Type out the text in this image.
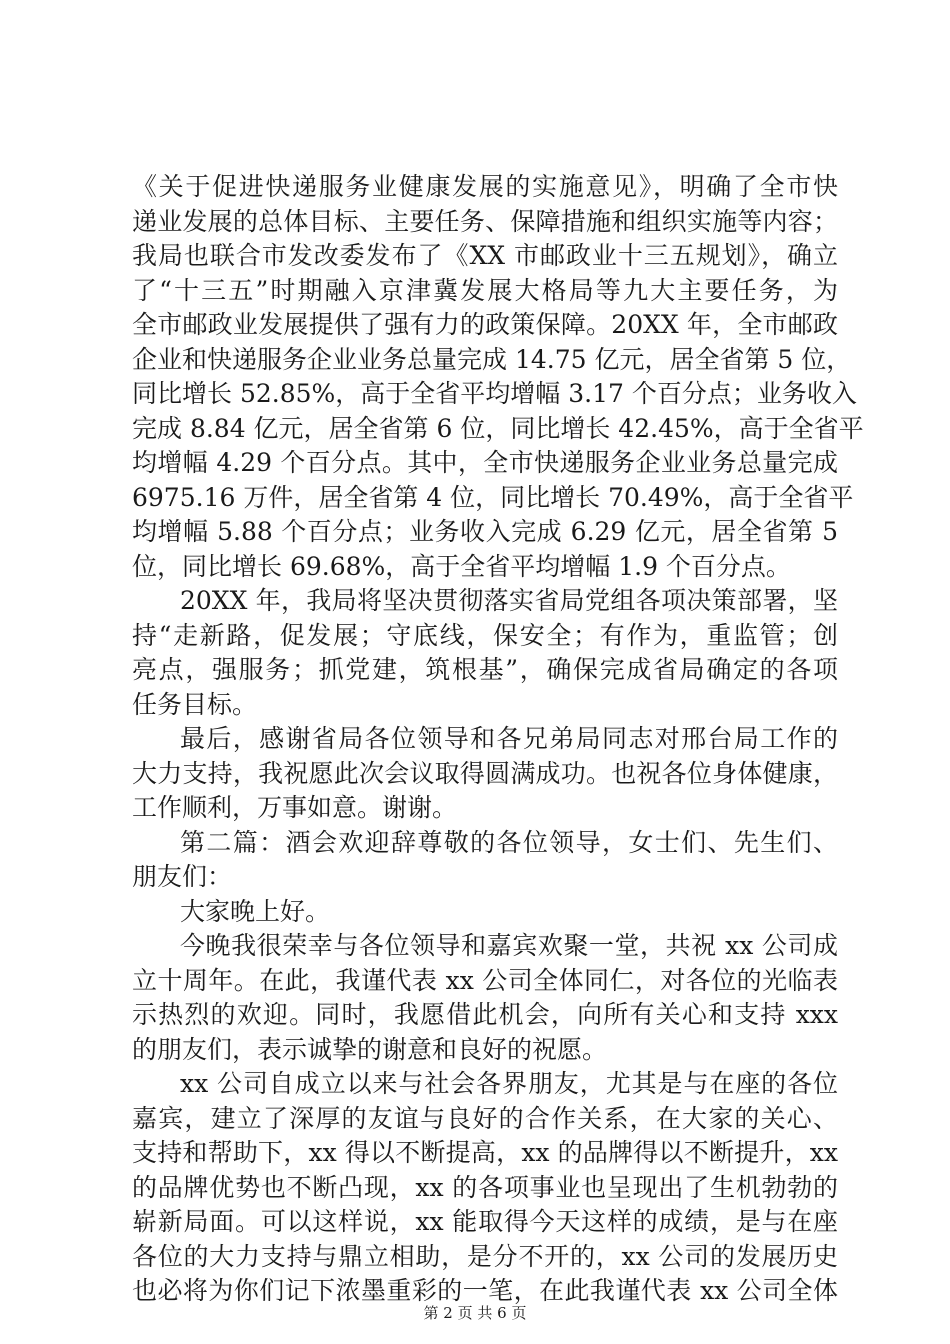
《关于促进快递服务业健康发展的实施意见》，明确了全市快
递业发展的总体目标、主要任务、保障措施和组织实施等内容；
我局也联合市发改委发布了《XX 市邮政业十三五规划》，确立
了“十三五”时期融入京津冀发展大格局等九大主要任务，为
全市邮政业发展提供了强有力的政策保障。20XX 年，全市邮政
企业和快递服务企业业务总量完成 14.75 亿元，居全省第 5 位，
同比增长 52.85%，高于全省平均增幅 3.17 个百分点；业务收入
完成 8.84 亿元，居全省第 6 位，同比增长 42.45%，高于全省平
均增幅 4.29 个百分点。其中，全市快递服务企业业务总量完成
6975.16 万件，居全省第 4 位，同比增长 70.49%，高于全省平
均增幅 5.88 个百分点；业务收入完成 6.29 亿元，居全省第 5
位，同比增长 69.68%，高于全省平均增幅 1.9 个百分点。
20XX 年，我局将坚决贯彻落实省局党组各项决策部署，坚
持“走新路，促发展；守底线，保安全；有作为，重监管；创
亮点，强服务；抓党建，筑根基”，确保完成省局确定的各项
任务目标。
最后，感谢省局各位领导和各兄弟局同志对邢台局工作的
大力支持，我祝愿此次会议取得圆满成功。也祝各位身体健康，
工作顺利，万事如意。谢谢。
第二篇：酒会欢迎辞尊敬的各位领导，女士们、先生们、
朋友们：
大家晚上好。
今晚我很荣幸与各位领导和嘉宾欢聚一堂，共祝 xx 公司成
立十周年。在此，我谨代表 xx 公司全体同仁，对各位的光临表
示热烈的欢迎。同时，我愿借此机会，向所有关心和支持 xxx
的朋友们，表示诚挚的谢意和良好的祝愿。
xx 公司自成立以来与社会各界朋友，尤其是与在座的各位
嘉宾，建立了深厚的友谊与良好的合作关系，在大家的关心、
支持和帮助下，xx 得以不断提高，xx 的品牌得以不断提升，xx
的品牌优势也不断凸现，xx 的各项事业也呈现出了生机勃勃的
崭新局面。可以这样说，xx 能取得今天这样的成绩，是与在座
各位的大力支持与鼎立相助，是分不开的，xx 公司的发展历史
也必将为你们记下浓墨重彩的一笔，在此我谨代表 xx 公司全体
第 2 页 共 6 页
